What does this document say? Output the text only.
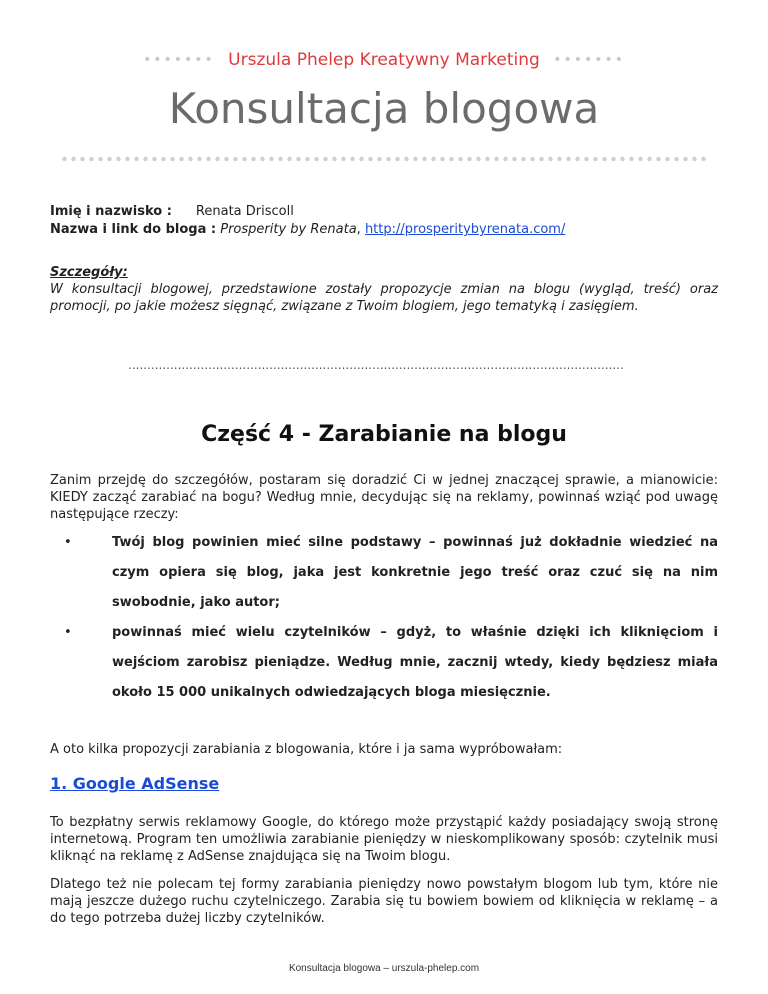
••••••• Urszula Phelep Kreatywny Marketing •••••••
Konsultacja blogowa
Imię i nazwisko : Renata Driscoll
Nazwa i link do bloga : Prosperity by Renata, http://prosperitybyrenata.com/
Szczegóły:
W konsultacji blogowej, przedstawione zostały propozycje zmian na blogu (wygląd, treść) oraz promocji, po jakie możesz sięgnąć, związane z Twoim blogiem, jego tematyką i zasięgiem.
..................................................................................................................................
Część 4 - Zarabianie na blogu
Zanim przejdę do szczegółów, postaram się doradzić Ci w jednej znaczącej sprawie, a mianowicie: KIEDY zacząć zarabiać na bogu? Według mnie, decydując się na reklamy, powinnaś wziąć pod uwagę następujące rzeczy:
•	Twój blog powinien mieć silne podstawy – powinnaś już dokładnie wiedzieć na czym opiera się blog, jaka jest konkretnie jego treść oraz czuć się na nim swobodnie, jako autor;
•	powinnaś mieć wielu czytelników – gdyż, to właśnie dzięki ich kliknięciom i wejściom zarobisz pieniądze. Według mnie, zacznij wtedy, kiedy będziesz miała około 15 000 unikalnych odwiedzających bloga miesięcznie.
A oto kilka propozycji zarabiania z blogowania, które i ja sama wypróbowałam:
1. Google AdSense
To bezpłatny serwis reklamowy Google, do którego może przystąpić każdy posiadający swoją stronę internetową. Program ten umożliwia zarabianie pieniędzy w nieskomplikowany sposób: czytelnik musi kliknąć na reklamę z AdSense znajdująca się na Twoim blogu.
Dlatego też nie polecam tej formy zarabiania pieniędzy nowo powstałym blogom lub tym, które nie mają jeszcze dużego ruchu czytelniczego. Zarabia się tu bowiem bowiem od kliknięcia w reklamę – a do tego potrzeba dużej liczby czytelników.
Konsultacja blogowa – urszula-phelep.com
